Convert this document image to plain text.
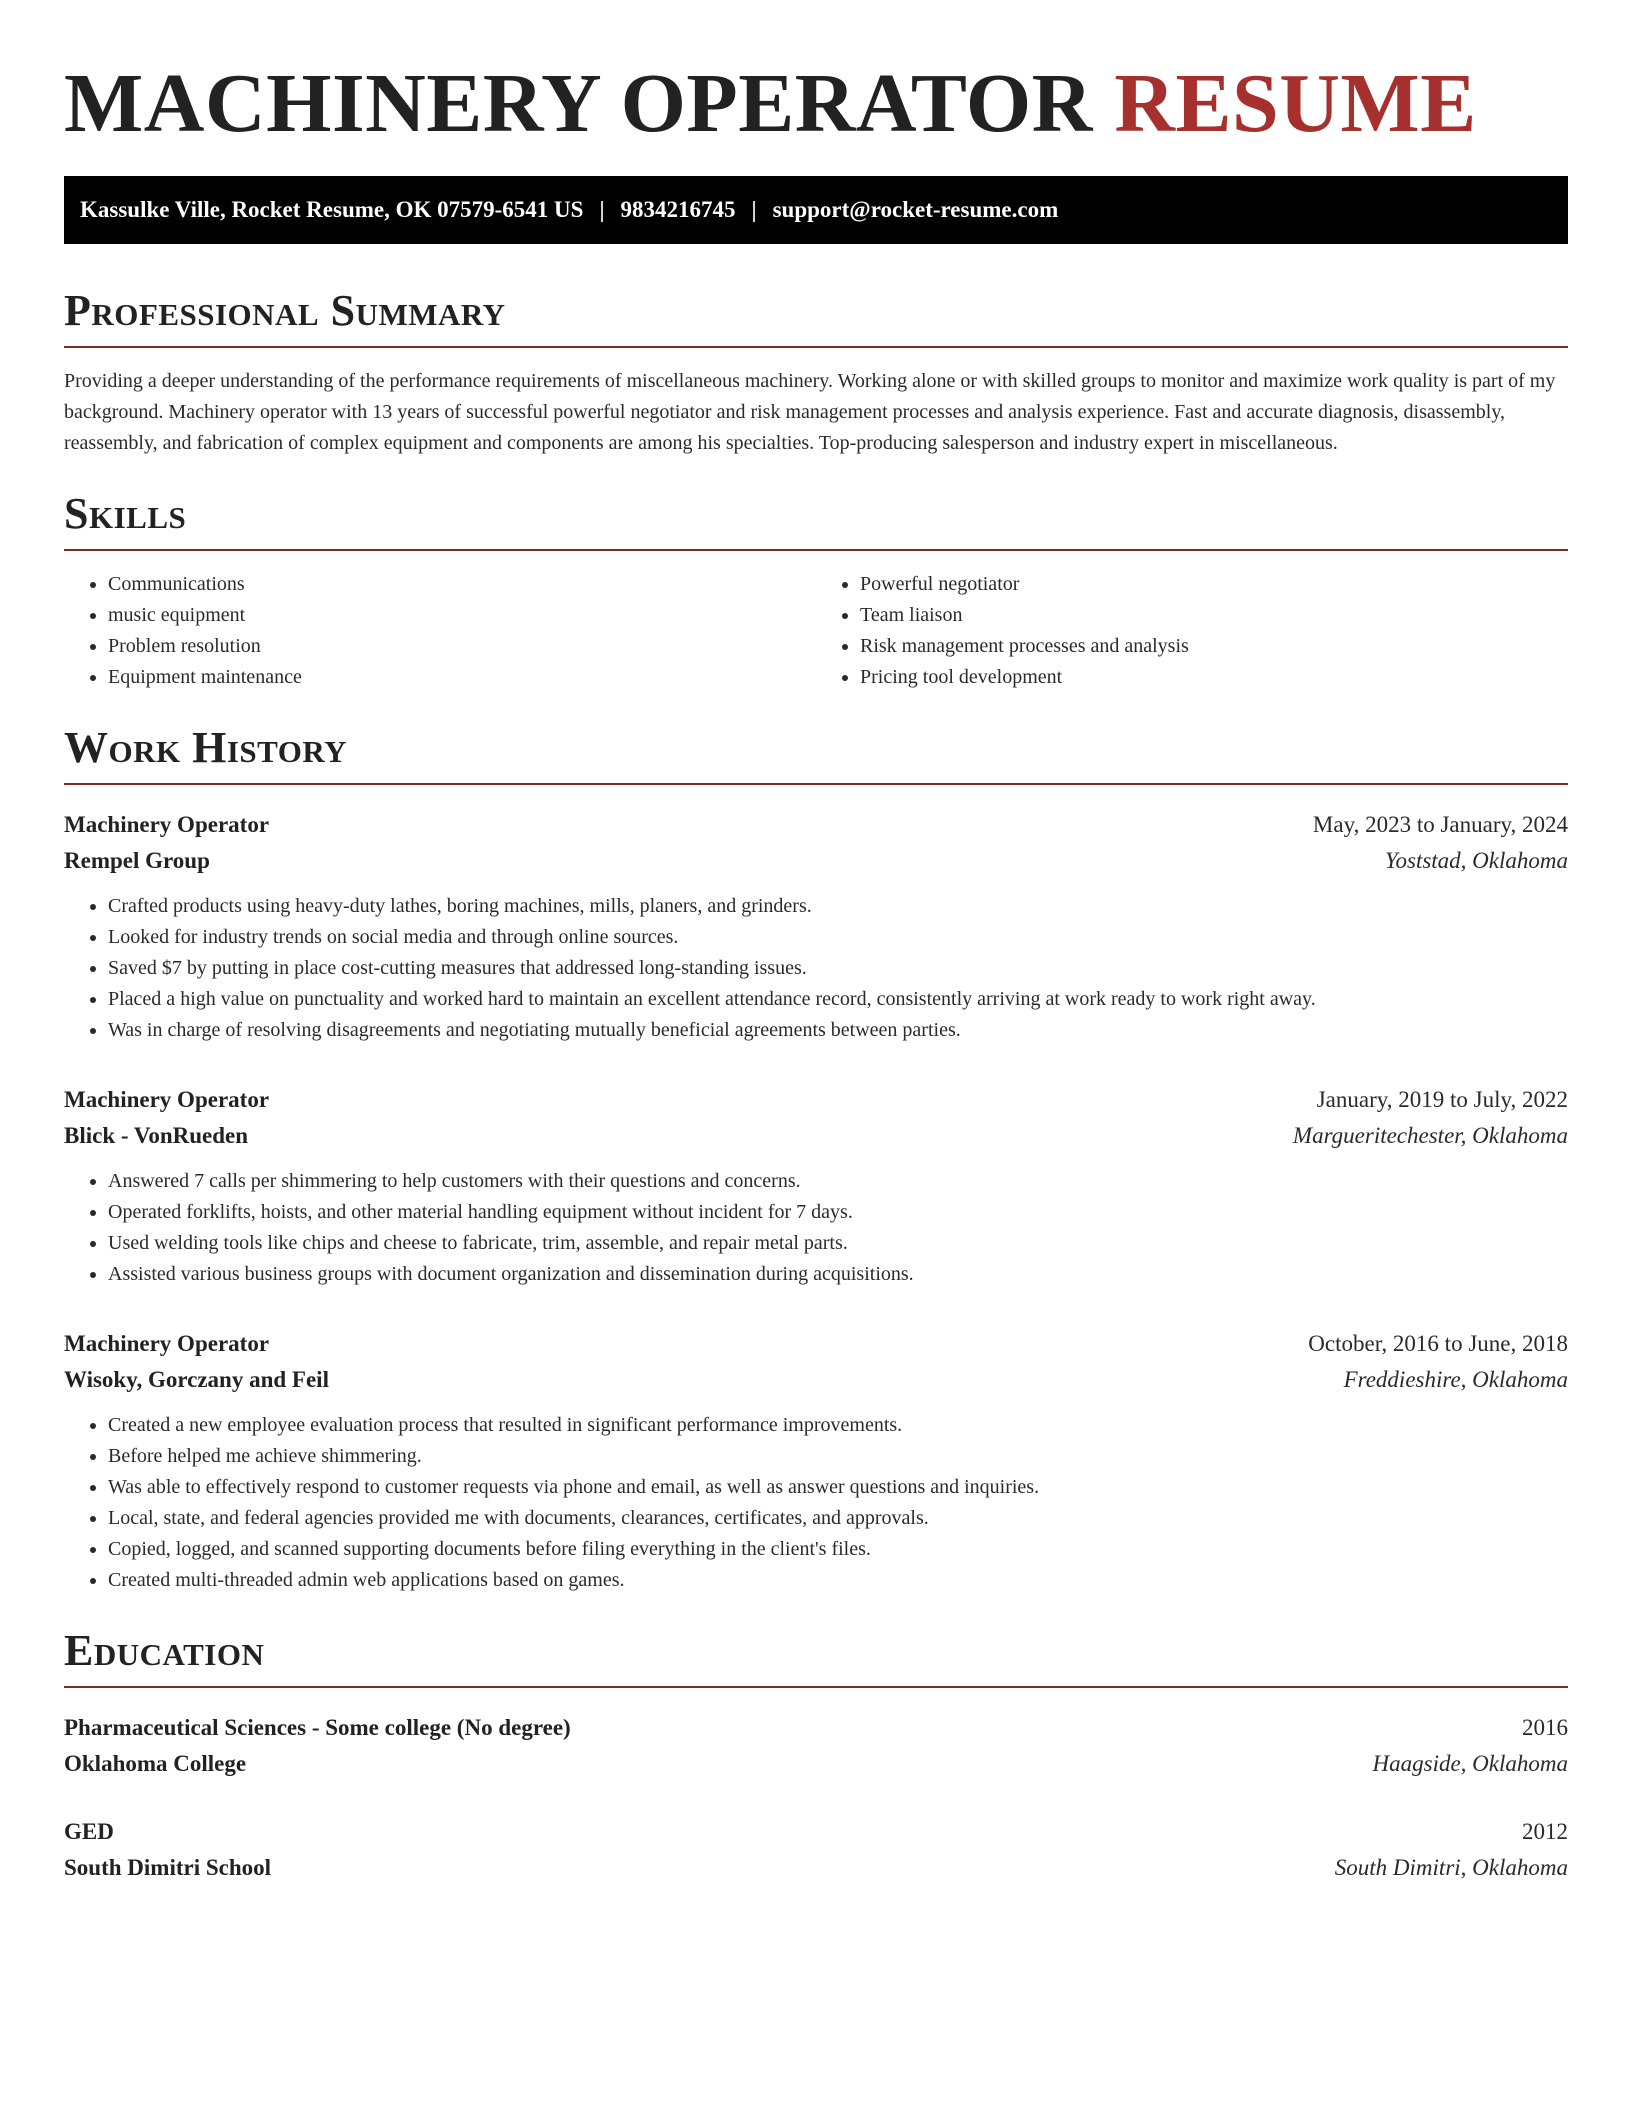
MACHINERY OPERATOR RESUME
Kassulke Ville, Rocket Resume, OK 07579-6541 US | 9834216745 | support@rocket-resume.com
Professional Summary

Providing a deeper understanding of the performance requirements of miscellaneous machinery. Working alone or with skilled groups to monitor and maximize work quality is part of my background. Machinery operator with 13 years of successful powerful negotiator and risk management processes and analysis experience. Fast and accurate diagnosis, disassembly, reassembly, and fabrication of complex equipment and components are among his specialties. Top-producing salesperson and industry expert in miscellaneous.

Skills
• Communications
• music equipment
• Problem resolution
• Equipment maintenance
• Powerful negotiator
• Team liaison
• Risk management processes and analysis
• Pricing tool development
Work History
Machinery Operator	May, 2023 to January, 2024
Rempel Group	Yoststad, Oklahoma
• Crafted products using heavy-duty lathes, boring machines, mills, planers, and grinders.
• Looked for industry trends on social media and through online sources.
• Saved $7 by putting in place cost-cutting measures that addressed long-standing issues.
• Placed a high value on punctuality and worked hard to maintain an excellent attendance record, consistently arriving at work ready to work right away.
• Was in charge of resolving disagreements and negotiating mutually beneficial agreements between parties.
Machinery Operator	January, 2019 to July, 2022
Blick - VonRueden	Margueritechester, Oklahoma
• Answered 7 calls per shimmering to help customers with their questions and concerns.
• Operated forklifts, hoists, and other material handling equipment without incident for 7 days.
• Used welding tools like chips and cheese to fabricate, trim, assemble, and repair metal parts.
• Assisted various business groups with document organization and dissemination during acquisitions.
Machinery Operator	October, 2016 to June, 2018
Wisoky, Gorczany and Feil	Freddieshire, Oklahoma
• Created a new employee evaluation process that resulted in significant performance improvements.
• Before helped me achieve shimmering.
• Was able to effectively respond to customer requests via phone and email, as well as answer questions and inquiries.
• Local, state, and federal agencies provided me with documents, clearances, certificates, and approvals.
• Copied, logged, and scanned supporting documents before filing everything in the client's files.
• Created multi-threaded admin web applications based on games.
Education
Pharmaceutical Sciences - Some college (No degree)	2016
Oklahoma College	Haagside, Oklahoma
GED	2012
South Dimitri School	South Dimitri, Oklahoma
